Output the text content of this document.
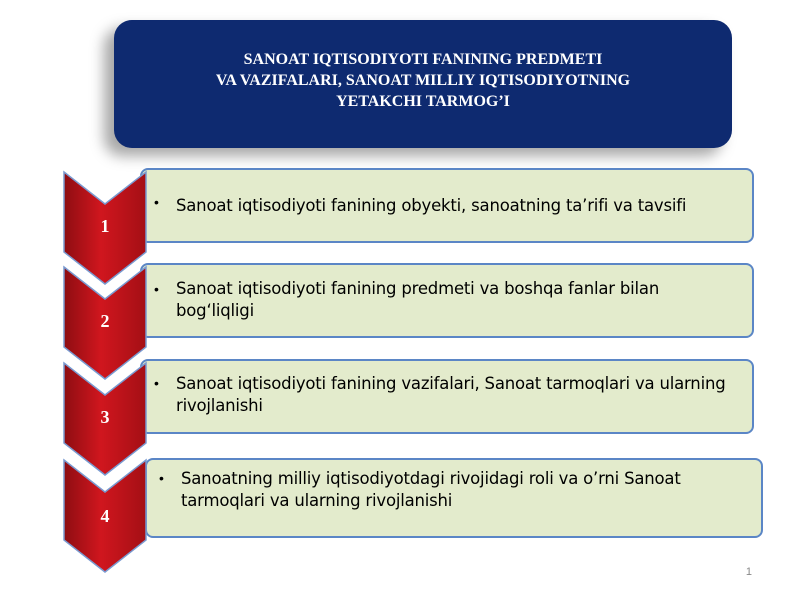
SANOAT IQTISODIYOTI FANINING PREDMETI
VA VAZIFALARI, SANOAT MILLIY IQTISODIYOTNING
YETAKCHI TARMOG’I
• Sanoat iqtisodiyoti fanining obyekti, sanoatning ta’rifi va tavsifi
• Sanoat iqtisodiyoti fanining predmeti va boshqa fanlar bilan bog‘liqligi
• Sanoat iqtisodiyoti fanining vazifalari, Sanoat tarmoqlari va ularning rivojlanishi
• Sanoatning milliy iqtisodiyotdagi rivojidagi roli va o’rni Sanoat tarmoqlari va ularning rivojlanishi
1
2
3
4
1
